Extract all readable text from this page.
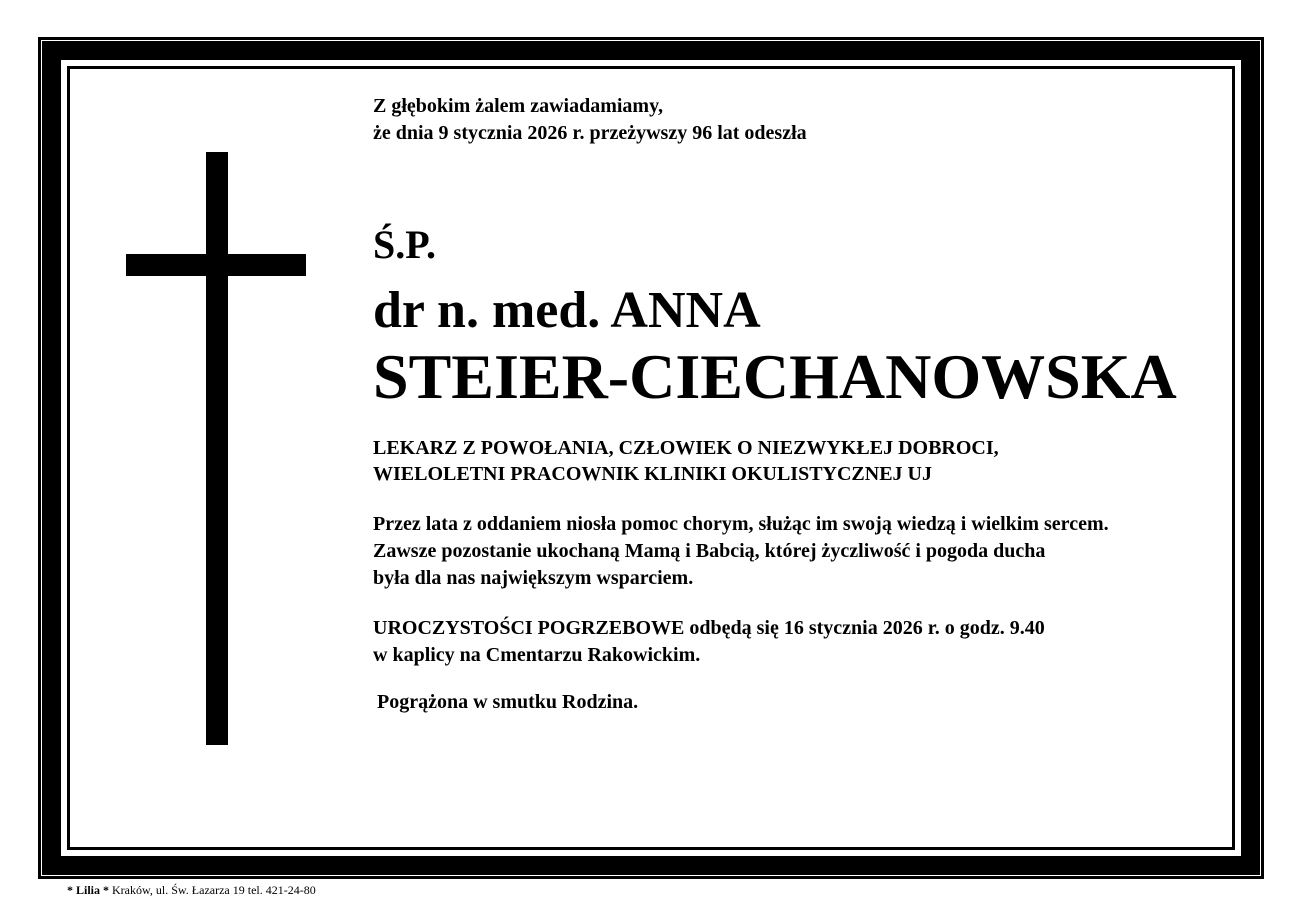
Z głębokim żalem zawiadamiamy,
że dnia 9 stycznia 2026 r. przeżywszy 96 lat odeszła
Ś.P.
dr n. med. ANNA
STEIER-CIECHANOWSKA
LEKARZ Z POWOŁANIA, CZŁOWIEK O NIEZWYKŁEJ DOBROCI,
WIELOLETNI PRACOWNIK KLINIKI OKULISTYCZNEJ UJ
Przez lata z oddaniem niosła pomoc chorym, służąc im swoją wiedzą i wielkim sercem.
Zawsze pozostanie ukochaną Mamą i Babcią, której życzliwość i pogoda ducha
była dla nas największym wsparciem.
UROCZYSTOŚCI POGRZEBOWE odbędą się 16 stycznia 2026 r. o godz. 9.40
w kaplicy na Cmentarzu Rakowickim.
Pogrążona w smutku Rodzina.
* Lilia * Kraków, ul. Św. Łazarza 19 tel. 421-24-80
